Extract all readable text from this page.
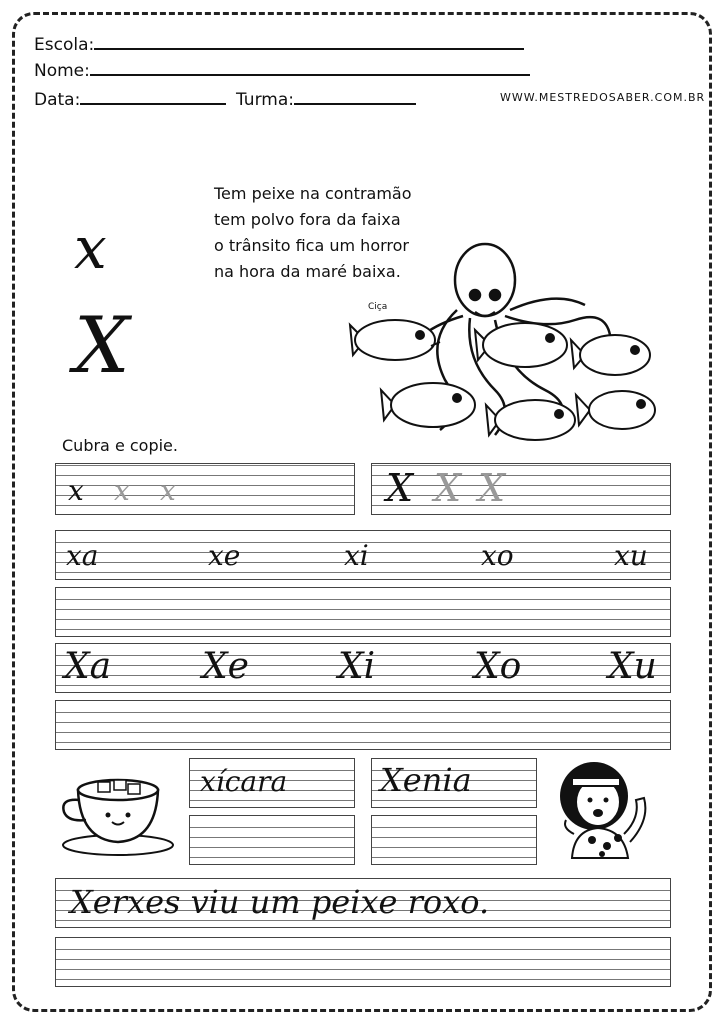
Escola:
Nome:
Data:	Turma:	WWW.MESTREDOSABER.COM.BR
x
X
Tem peixe na contramão
tem polvo fora da faixa
o trânsito fica um horror
na hora da maré baixa.
Ciça
Cubra e copie.
x x x	X X X
xa	xe	xi	xo	xu
Xa	Xe Xi	Xo Xu
xícara	Xenia
Xerxes viu um peixe roxo.
